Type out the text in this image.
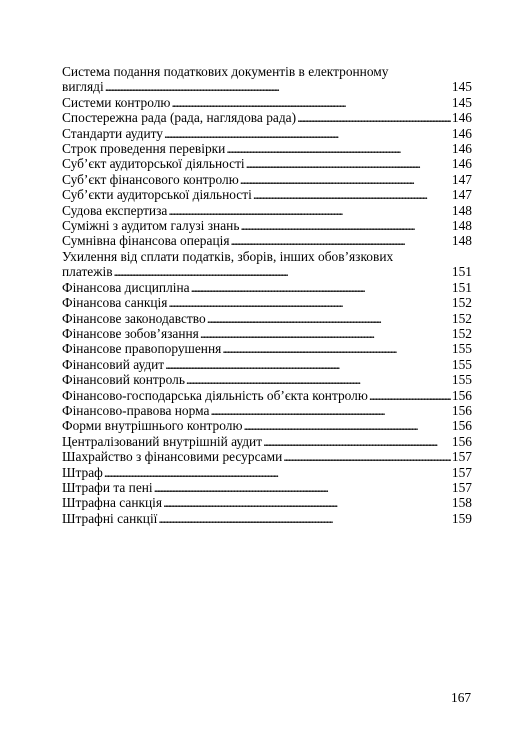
Система подання податкових документів в електронному
вигляді . . .	145
Системи контролю . . .	145
Спостережна рада (рада, наглядова рада) . . .	146
Стандарти аудиту . . .	146
Строк проведення перевірки . . .	146
Суб’єкт аудиторської діяльності . . .	146
Суб’єкт фінансового контролю . . .	147
Суб’єкти аудиторської діяльності . . .	147
Судова експертиза . . .	148
Суміжні з аудитом галузі знань . . .	148
Сумнівна фінансова операція . . .	148
Ухилення від сплати податків, зборів, інших обов’язкових
платежів . . .	151
Фінансова дисципліна . . .	151
Фінансова санкція . . .	152
Фінансове законодавство . . .	152
Фінансове зобов’язання . . .	152
Фінансове правопорушення . . .	155
Фінансовий аудит . . .	155
Фінансовий контроль . . .	155
Фінансово-господарська діяльність об’єкта контролю . . .	156
Фінансово-правова норма . . .	156
Форми внутрішнього контролю . . .	156
Централізований внутрішній аудит . . .	156
Шахрайство з фінансовими ресурсами . . .	157
Штраф . . .	157
Штрафи та пені . . .	157
Штрафна санкція . . .	158
Штрафні санкції . . .	159
167
